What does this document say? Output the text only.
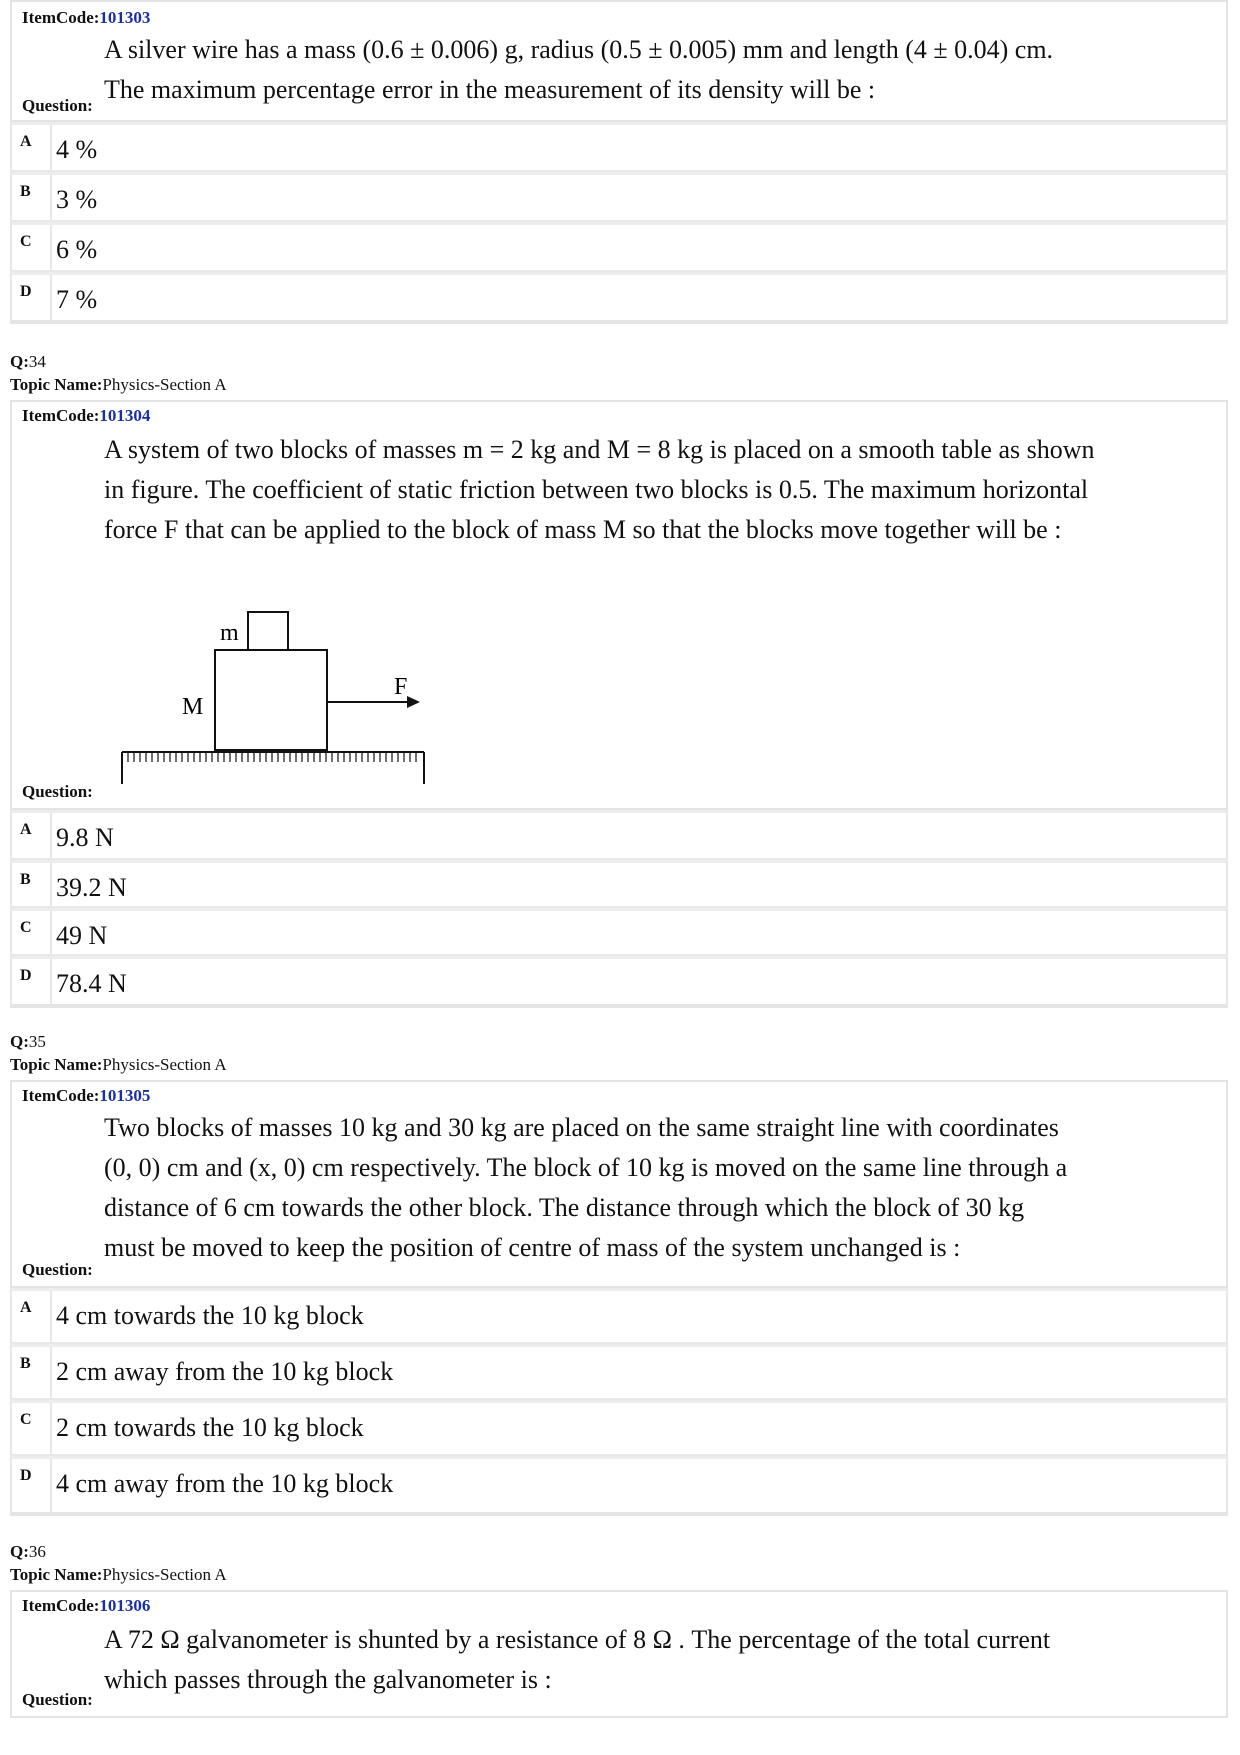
ItemCode:101303
A silver wire has a mass (0.6 ± 0.006) g, radius (0.5 ± 0.005) mm and length (4 ± 0.04) cm.
The maximum percentage error in the measurement of its density will be :
Question:
A 4 %
B 3 %
C 6 %
D 7 %
Q:34
Topic Name:Physics-Section A
ItemCode:101304
A system of two blocks of masses m = 2 kg and M = 8 kg is placed on a smooth table as shown
in figure. The coefficient of static friction between two blocks is 0.5. The maximum horizontal
force F that can be applied to the block of mass M so that the blocks move together will be :
m
M
F
Question:
A 9.8 N
B 39.2 N
C 49 N
D 78.4 N
Q:35
Topic Name:Physics-Section A
ItemCode:101305
Two blocks of masses 10 kg and 30 kg are placed on the same straight line with coordinates
(0, 0) cm and (x, 0) cm respectively. The block of 10 kg is moved on the same line through a
distance of 6 cm towards the other block. The distance through which the block of 30 kg
must be moved to keep the position of centre of mass of the system unchanged is :
Question:
A 4 cm towards the 10 kg block
B 2 cm away from the 10 kg block
C 2 cm towards the 10 kg block
D 4 cm away from the 10 kg block
Q:36
Topic Name:Physics-Section A
ItemCode:101306
A 72 Ω galvanometer is shunted by a resistance of 8 Ω . The percentage of the total current
which passes through the galvanometer is :
Question:
